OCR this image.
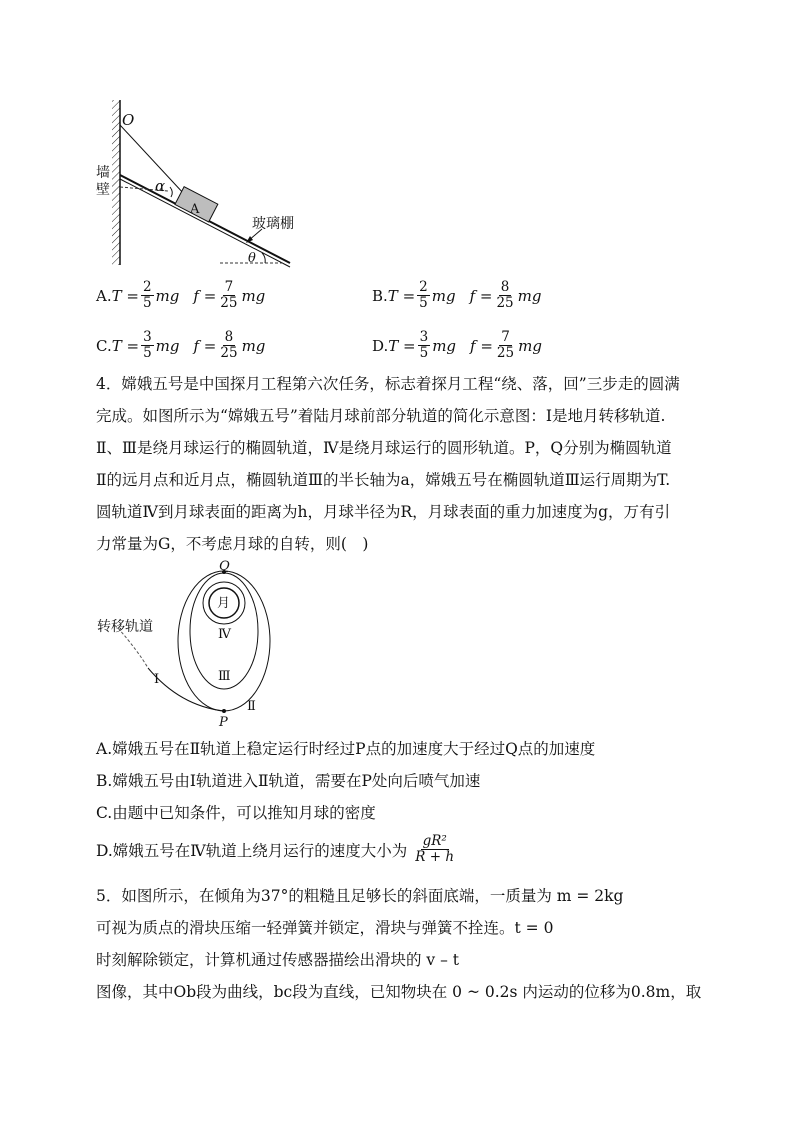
O
α
A
墙壁
玻璃棚
θ
A. $T = \frac{2}{5}$ mg $f = \frac{7}{25}$ mg	B. $T = \frac{2}{5}$ mg $f = \frac{8}{25}$ mg
C. $T = \frac{3}{5}$ mg $f = \frac{8}{25}$ mg	D. $T = \frac{3}{5}$ mg $f = \frac{7}{25}$ mg
4．嫦娥五号是中国探月工程第六次任务，标志着探月工程“绕、落，回”三步走的圆满
完成。如图所示为“嫦娥五号”着陆月球前部分轨道的简化示意图：Ⅰ是地月转移轨道.
Ⅱ、Ⅲ是绕月球运行的椭圆轨道，Ⅳ是绕月球运行的圆形轨道。P，Q分别为椭圆轨道
Ⅱ的远月点和近月点，椭圆轨道Ⅲ的半长轴为a，嫦娥五号在椭圆轨道Ⅲ运行周期为T.
圆轨道Ⅳ到月球表面的距离为h，月球半径为R，月球表面的重力加速度为g，万有引
力常量为G，不考虑月球的自转，则(　)
Q
月
Ⅳ
Ⅲ
Ⅱ
Ⅰ
P
转移轨道
A.嫦娥五号在Ⅱ轨道上稳定运行时经过P点的加速度大于经过Q点的加速度
B.嫦娥五号由Ⅰ轨道进入Ⅱ轨道，需要在P处向后喷气加速
C.由题中已知条件，可以推知月球的密度
D.嫦娥五号在Ⅳ轨道上绕月运行的速度大小为 $\frac{\text{gR²}}{R + h}$
5．如图所示，在倾角为37°的粗糙且足够长的斜面底端，一质量为 m = 2kg
可视为质点的滑块压缩一轻弹簧并锁定，滑块与弹簧不拴连。t = 0
时刻解除锁定，计算机通过传感器描绘出滑块的 v – t
图像，其中Ob段为曲线，bc段为直线，已知物块在 0 ~ 0.2s 内运动的位移为0.8m，取
